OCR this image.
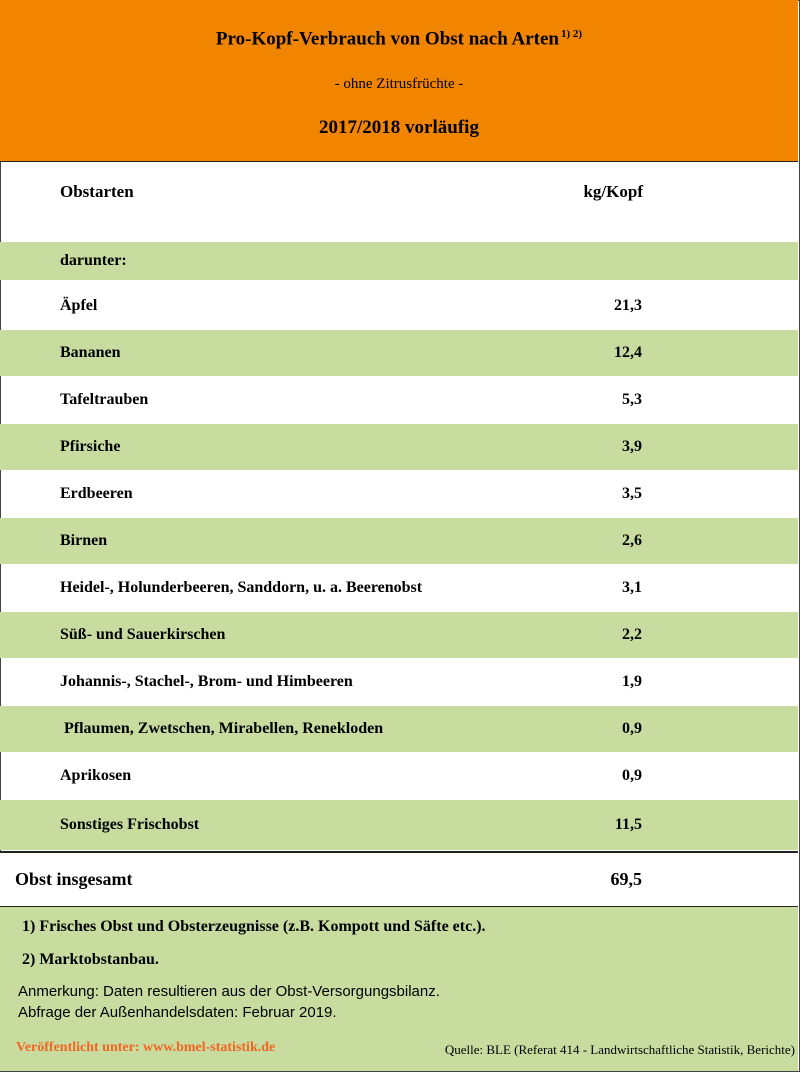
Pro-Kopf-Verbrauch von Obst nach Arten $^{1) 2)}$
- ohne Zitrusfrüchte -
2017/2018 vorläufig
Obstarten	kg/Kopf
darunter:
Äpfel	21,3
Bananen	12,4
Tafeltrauben	5,3
Pfirsiche	3,9
Erdbeeren	3,5
Birnen	2,6
Heidel-, Holunderbeeren, Sanddorn, u. a. Beerenobst	3,1
Süß- und Sauerkirschen	2,2
Johannis-, Stachel-, Brom- und Himbeeren	1,9
Pflaumen, Zwetschen, Mirabellen, Renekloden	0,9
Aprikosen	0,9
Sonstiges Frischobst	11,5
Obst insgesamt	69,5
1) Frisches Obst und Obsterzeugnisse (z.B. Kompott und Säfte etc.).
2) Marktobstanbau.
Anmerkung: Daten resultieren aus der Obst-Versorgungsbilanz.
Abfrage der Außenhandelsdaten: Februar 2019.
Veröffentlicht unter: www.bmel-statistik.de	Quelle: BLE (Referat 414 - Landwirtschaftliche Statistik, Berichte)
